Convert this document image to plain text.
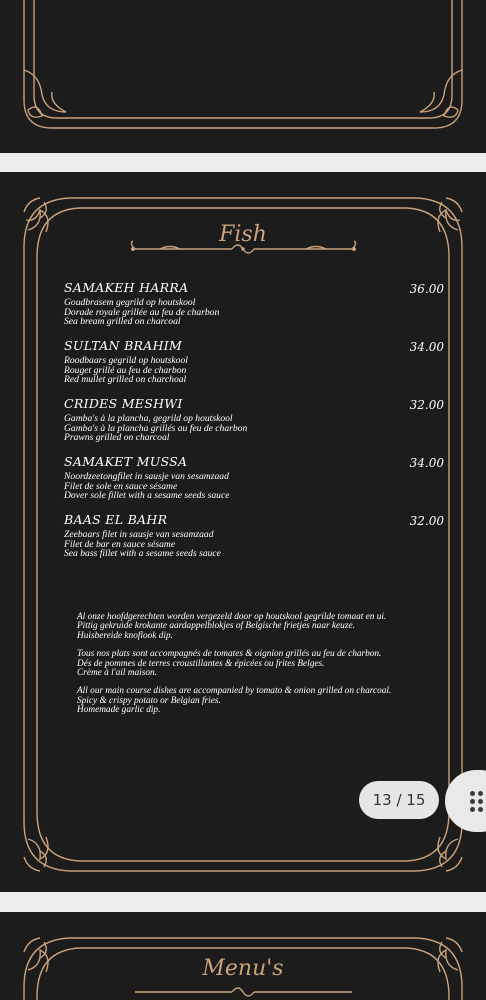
Fish
SAMAKEH HARRA	36.00
Goudbrasem gegrild op houtskool
Dorade royale grillée au feu de charbon
Sea bream grilled on charcoal
SULTAN BRAHIM	34.00
Roodbaars gegrild op houtskool
Rouget grillé au feu de charbon
Red mullet grilled on charchoal
CRIDES MESHWI	32.00
Gamba's à la plancha, gegrild op houtskool
Gamba's à la plancha grillés au feu de charbon
Prawns grilled on charcoal
SAMAKET MUSSA	34.00
Noordzeetongfilet in sausje van sesamzaad
Filet de sole en sauce sésame
Dover sole fillet with a sesame seeds sauce
BAAS EL BAHR	32.00
Zeebaars filet in sausje van sesamzaad
Filet de bar en sauce sésame
Sea bass fillet with a sesame seeds sauce

Al onze hoofdgerechten worden vergezeld door op houtskool gegrilde tomaat en ui.
Pittig gekruide krokante aardappelblokjes of Belgische frietjes naar keuze.
Huisbereide knoflook dip.

Tous nos plats sont accompagnés de tomates & oignion grillés au feu de charbon.
Dés de pommes de terres croustillantes & épicées ou frites Belges.
Crème à l'ail maison.

All our main course dishes are accompanied by tomato & onion grilled on charcoal.
Spicy & crispy potato or Belgian fries.
Homemade garlic dip.

Menu's
13 / 15
